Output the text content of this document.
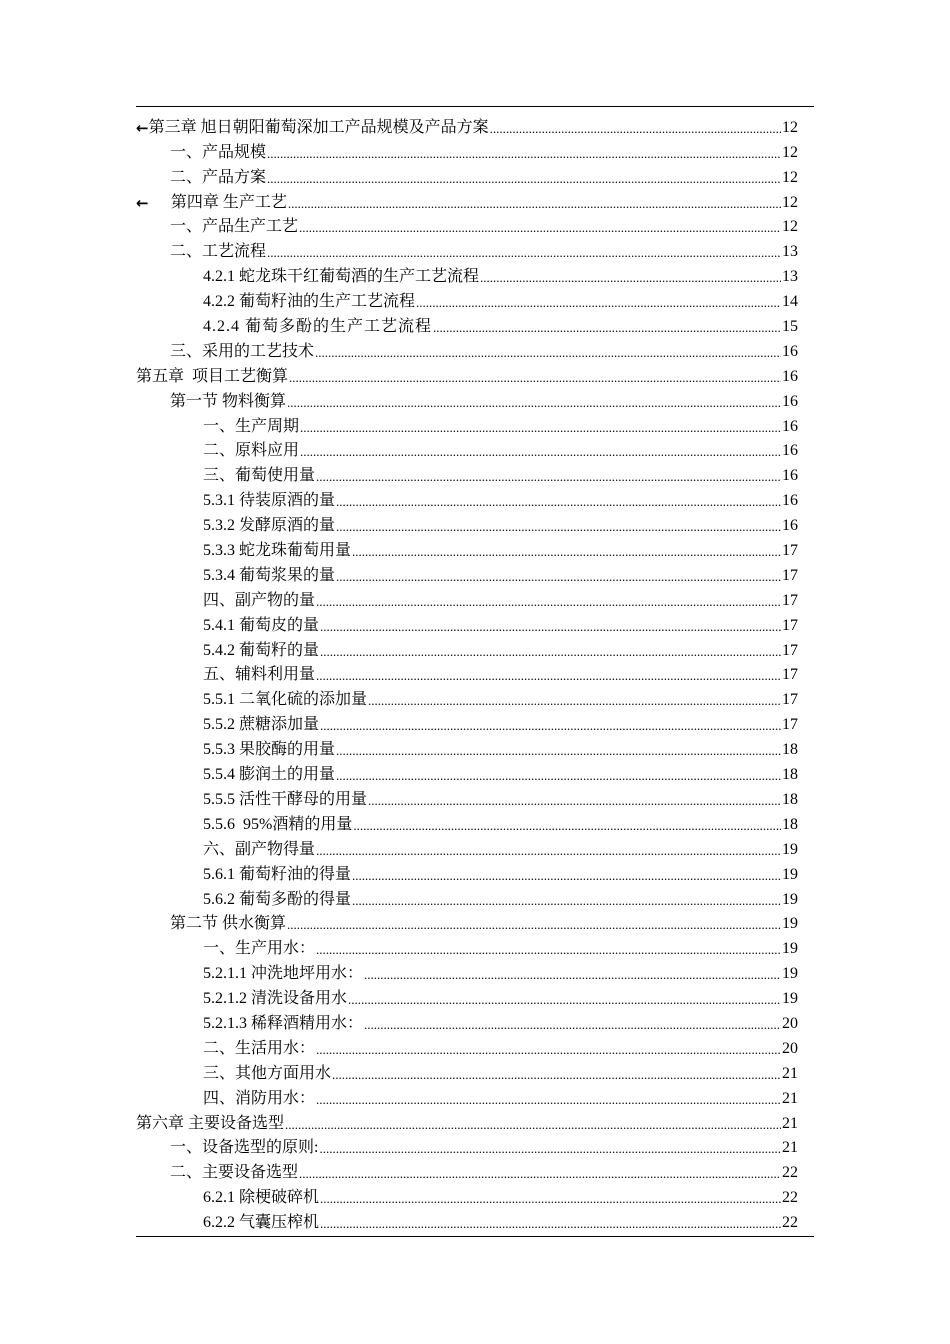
← 第三章 旭日朝阳葡萄深加工产品规模及产品方案 .....	12
一、产品规模 .....	12
二、产品方案 .....	12
←	第四章 生产工艺 .....	12
一、产品生产工艺 .....	12
二、工艺流程 .....	13
4.2.1 蛇龙珠干红葡萄酒的生产工艺流程 .....	13
4.2.2 葡萄籽油的生产工艺流程 .....	14
4.2.4 葡萄多酚的生产工艺流程 .....	15
三、采用的工艺技术 .....	16
第五章  项目工艺衡算 .....	16
第一节 物料衡算 .....	16
一、生产周期 .....	16
二、原料应用 .....	16
三、葡萄使用量 .....	16
5.3.1 待装原酒的量 .....	16
5.3.2 发酵原酒的量 .....	16
5.3.3 蛇龙珠葡萄用量 .....	17
5.3.4 葡萄浆果的量 .....	17
四、副产物的量 .....	17
5.4.1 葡萄皮的量 .....	17
5.4.2 葡萄籽的量 .....	17
五、辅料利用量 .....	17
5.5.1 二氧化硫的添加量 .....	17
5.5.2 蔗糖添加量 .....	17
5.5.3 果胶酶的用量 .....	18
5.5.4 膨润土的用量 .....	18
5.5.5 活性干酵母的用量 .....	18
5.5.6  95%酒精的用量 .....	18
六、副产物得量 .....	19
5.6.1 葡萄籽油的得量 .....	19
5.6.2 葡萄多酚的得量 .....	19
第二节 供水衡算 .....	19
一、生产用水： .....	19
5.2.1.1 冲洗地坪用水： .....	19
5.2.1.2 清洗设备用水 .....	19
5.2.1.3 稀释酒精用水： .....	20
二、生活用水： .....	20
三、其他方面用水 .....	21
四、消防用水： .....	21
第六章 主要设备选型 .....	21
一、设备选型的原则: .....	21
二、主要设备选型 .....	22
6.2.1 除梗破碎机 .....	22
6.2.2 气囊压榨机 .....	22
